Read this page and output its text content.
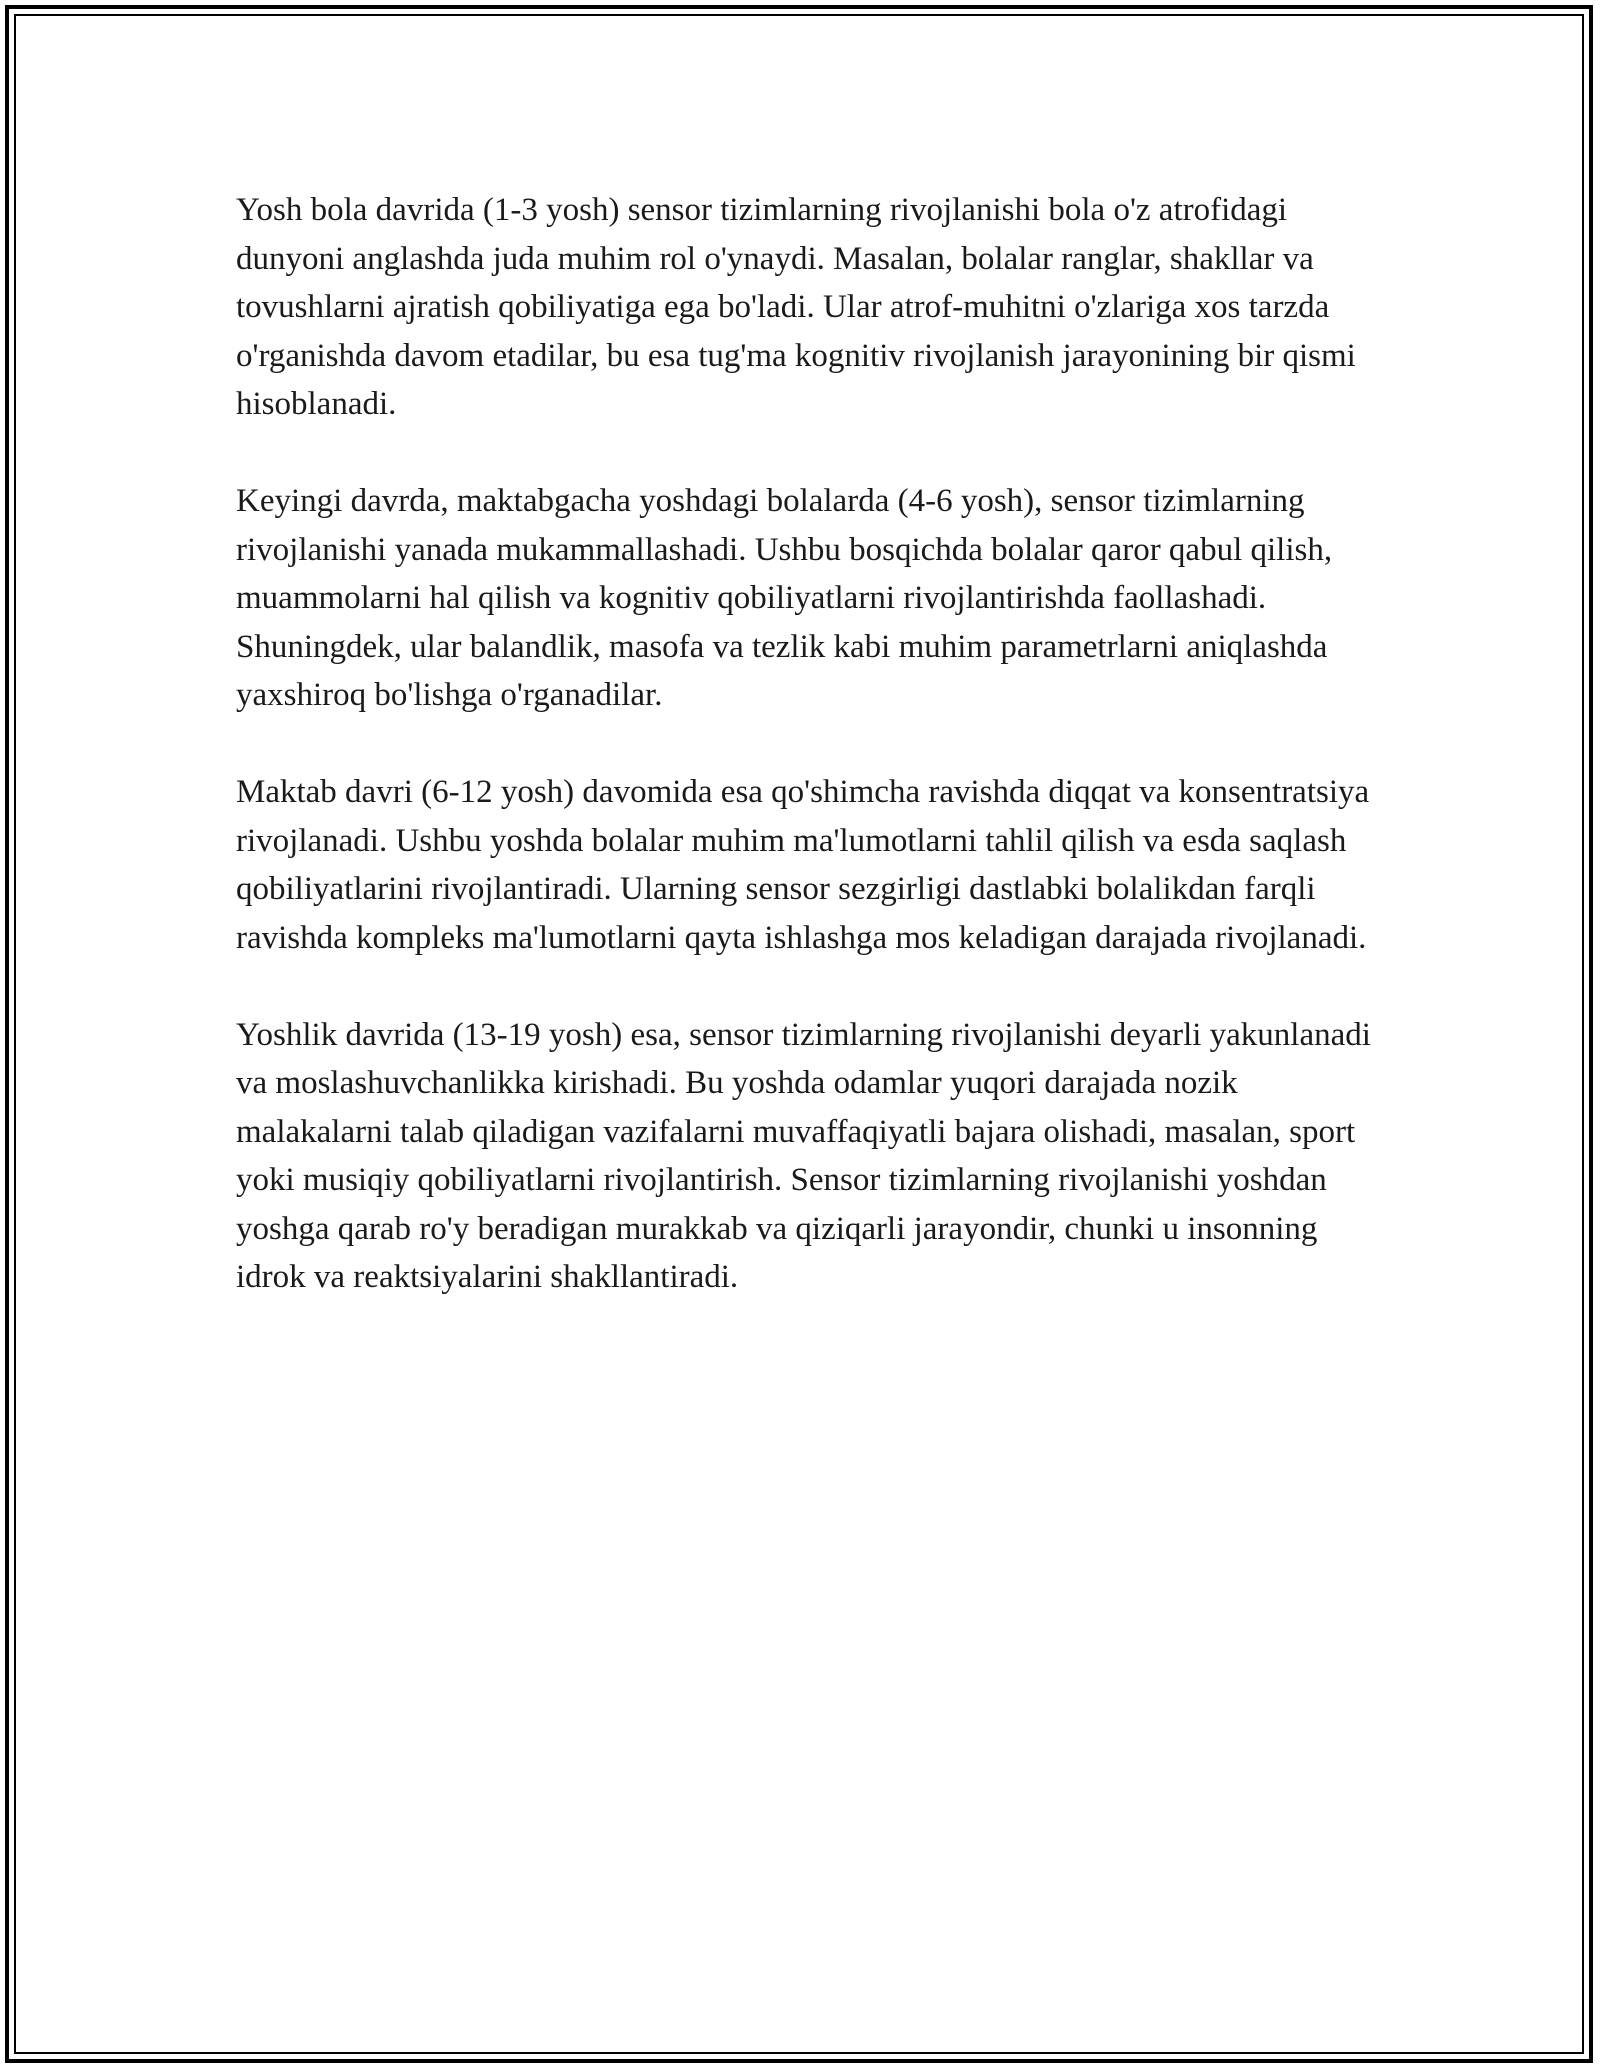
Yosh bola davrida (1-3 yosh) sensor tizimlarning rivojlanishi bola o'z atrofidagi dunyoni anglashda juda muhim rol o'ynaydi. Masalan, bolalar ranglar, shakllar va tovushlarni ajratish qobiliyatiga ega bo'ladi. Ular atrof-muhitni o'zlariga xos tarzda o'rganishda davom etadilar, bu esa tug'ma kognitiv rivojlanish jarayonining bir qismi hisoblanadi.

Keyingi davrda, maktabgacha yoshdagi bolalarda (4-6 yosh), sensor tizimlarning rivojlanishi yanada mukammallashadi. Ushbu bosqichda bolalar qaror qabul qilish, muammolarni hal qilish va kognitiv qobiliyatlarni rivojlantirishda faollashadi. Shuningdek, ular balandlik, masofa va tezlik kabi muhim parametrlarni aniqlashda yaxshiroq bo'lishga o'rganadilar.

Maktab davri (6-12 yosh) davomida esa qo'shimcha ravishda diqqat va konsentratsiya rivojlanadi. Ushbu yoshda bolalar muhim ma'lumotlarni tahlil qilish va esda saqlash qobiliyatlarini rivojlantiradi. Ularning sensor sezgirligi dastlabki bolalikdan farqli ravishda kompleks ma'lumotlarni qayta ishlashga mos keladigan darajada rivojlanadi.

Yoshlik davrida (13-19 yosh) esa, sensor tizimlarning rivojlanishi deyarli yakunlanadi va moslashuvchanlikka kirishadi. Bu yoshda odamlar yuqori darajada nozik malakalarni talab qiladigan vazifalarni muvaffaqiyatli bajara olishadi, masalan, sport yoki musiqiy qobiliyatlarni rivojlantirish. Sensor tizimlarning rivojlanishi yoshdan yoshga qarab ro'y beradigan murakkab va qiziqarli jarayondir, chunki u insonning idrok va reaktsiyalarini shakllantiradi.
